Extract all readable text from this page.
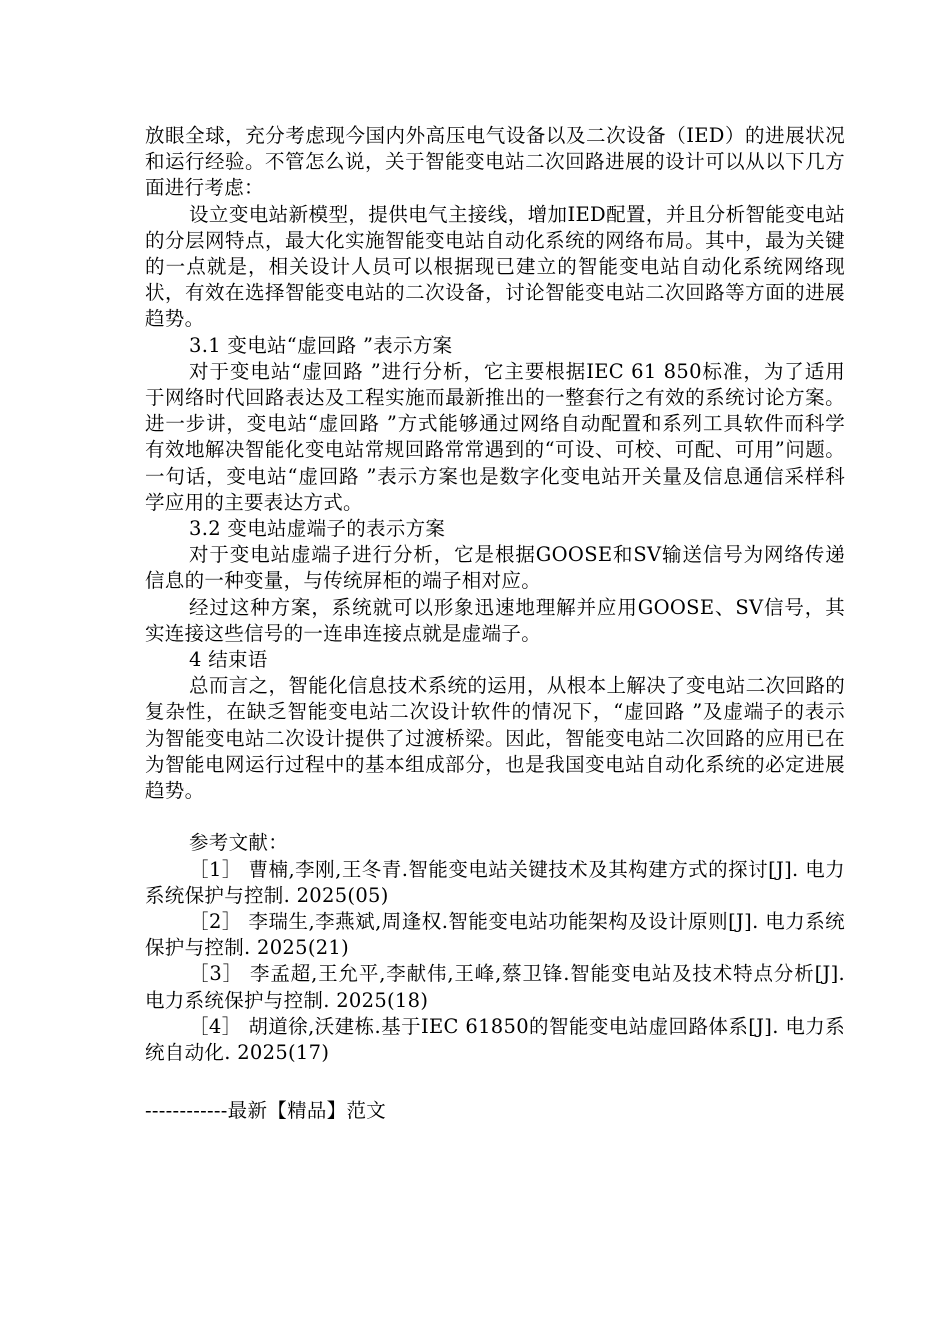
放眼全球，充分考虑现今国内外高压电气设备以及二次设备（IED）的进展状况和运行经验。不管怎么说，关于智能变电站二次回路进展的设计可以从以下几方面进行考虑：

设立变电站新模型，提供电气主接线，增加IED配置，并且分析智能变电站的分层网特点，最大化实施智能变电站自动化系统的网络布局。其中，最为关键的一点就是，相关设计人员可以根据现已建立的智能变电站自动化系统网络现状，有效在选择智能变电站的二次设备，讨论智能变电站二次回路等方面的进展趋势。

3.1 变电站“虚回路 ”表示方案

对于变电站“虚回路 ”进行分析，它主要根据IEC 61 850标准，为了适用于网络时代回路表达及工程实施而最新推出的一整套行之有效的系统讨论方案。进一步讲，变电站“虚回路 ”方式能够通过网络自动配置和系列工具软件而科学有效地解决智能化变电站常规回路常常遇到的“可设、可校、可配、可用”问题。一句话，变电站“虚回路 ”表示方案也是数字化变电站开关量及信息通信采样科学应用的主要表达方式。

3.2 变电站虚端子的表示方案

对于变电站虚端子进行分析，它是根据GOOSE和SV输送信号为网络传递信息的一种变量，与传统屏柜的端子相对应。

经过这种方案，系统就可以形象迅速地理解并应用GOOSE、SV信号，其实连接这些信号的一连串连接点就是虚端子。

4 结束语

总而言之，智能化信息技术系统的运用，从根本上解决了变电站二次回路的复杂性，在缺乏智能变电站二次设计软件的情况下，“虚回路 ”及虚端子的表示为智能变电站二次设计提供了过渡桥梁。因此，智能变电站二次回路的应用已在为智能电网运行过程中的基本组成部分，也是我国变电站自动化系统的必定进展趋势。

参考文献：

［1］ 曹楠,李刚,王冬青.智能变电站关键技术及其构建方式的探讨[J]. 电力系统保护与控制. 2025(05)

［2］ 李瑞生,李燕斌,周逢权.智能变电站功能架构及设计原则[J]. 电力系统保护与控制. 2025(21)

［3］ 李孟超,王允平,李献伟,王峰,蔡卫锋.智能变电站及技术特点分析[J]. 电力系统保护与控制. 2025(18)

［4］ 胡道徐,沃建栋.基于IEC 61850的智能变电站虚回路体系[J]. 电力系统自动化. 2025(17)

------------最新【精品】范文
